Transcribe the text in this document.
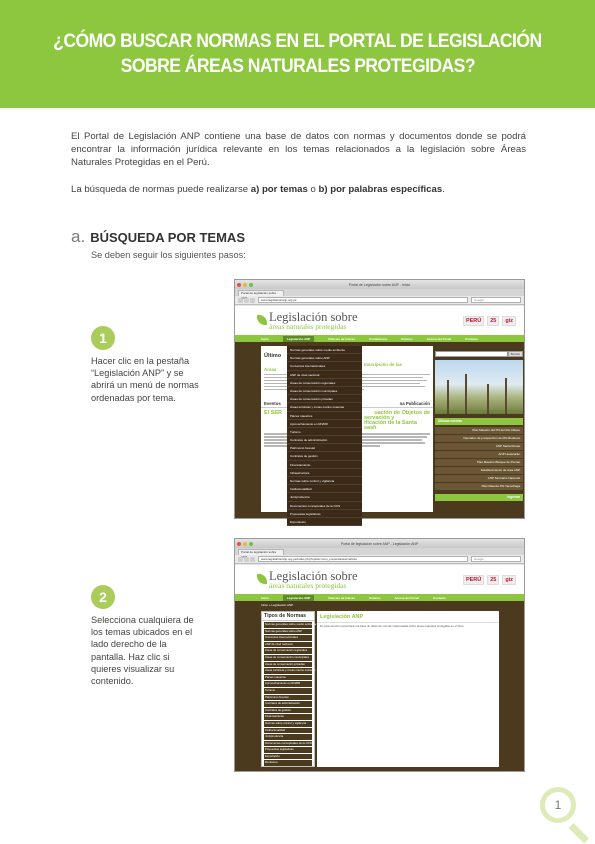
¿CÓMO BUSCAR NORMAS EN EL PORTAL DE LEGISLACIÓN
SOBRE ÁREAS NATURALES PROTEGIDAS?

El Portal de Legislación ANP contiene una base de datos con normas y documentos donde se podrá encontrar la información jurídica relevante en los temas relacionados a la legislación sobre Áreas Naturales Protegidas en el Perú.

La búsqueda de normas puede realizarse a) por temas o b) por palabras específicas.

a. BÚSQUEDA POR TEMAS

Se deben seguir los siguientes pasos:

1

Hacer clic en la pestaña “Legislación ANP” y se abrirá un menú de normas ordenadas por tema.

Portal de Legislación sobre ANP - Inicio
Portal de legislación sobre
www.legislacionanp.org.pe	Google
Legislación sobre
áreas naturales protegidas
PERÚ	25	giz
Inicio	Legislación ANP	Noticias de Interés	Contáctenos	Enlaces	Acerca del Portal	Contacto
Último
Inscripción de las
Áreas
Eventos	na Publicación
El SER	uación de Objetos de
servación y
ificación de la Santa
sash
Normas generales sobre medio ambiente
Normas generales sobre ANP
Convenios internacionales
ANP de nivel nacional
Áreas de conservación regionales
Áreas de conservación municipales
Áreas de conservación privadas
Áreas turísticas y zonas marino costeras
Planes maestros
Aprovechamiento en RN/RR
Turismo
Contratos de administración
Patrimonio forestal
Contratos de gestión
Financiamiento
Infraestructura
Normas sobre control y vigilancia
Institucionalidad
Jurisprudencia
Documentos conceptuales de la OCN
Propuestas legislativas
Exportación
Buscar
Últimas normas
Plan Maestro del PN del Río Abiseo
Operativo de prospección de RN Medanos
ANP Santa Rosas
ANP Huascarán
Plan Maestro Bosque de Pómac
Establecimiento de área ANP
ANP Santuario Nacional
Plan Maestro PN Yanachaga
Ingresar
2

Selecciona cualquiera de los temas ubicados en el lado derecho de la pantalla. Haz clic si quieres visualizar su contenido.

Portal de legislación sobre ANP - Legislación ANP
Portal de legislación sobre
www.legislacionanp.org.pe/index.php?option=com_content&view=article	Google
Legislación sobre
áreas naturales protegidas
PERÚ	25	giz
Inicio	Legislación ANP	Noticias de Interés	Enlaces	Acerca del Portal	Contacto
Inicio » Legislación ANP
Tipos de Normas
Normas generales sobre medio ambiente
Normas generales sobre ANP
Convenios Internacionales
ANP de nivel nacional
Áreas de conservación regionales
Áreas de conservación municipales
Áreas de conservación privadas
Áreas turísticas y zonas marino costeras
Planes maestros
Aprovechamiento en RN/RR
Turismo
Patrimonio forestal
Contratos de administración
Contratos de gestión
Financiamiento
Normas sobre control y vigilancia
Institucionalidad
Jurisprudencia
Documentos conceptuales de la OCN
Propuestas legislativas
Exportación
Monitoreo
Legislación ANP
En esta sección encontrará una base de datos de normas relacionadas sobre áreas naturales protegidas en el Perú.
1
